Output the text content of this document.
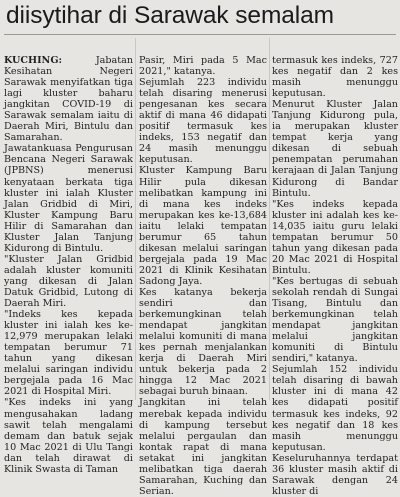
diisytihar di Sarawak semalam

KUCHING:	Jabatan Kesihatan Negeri Sarawak menyifatkan tiga lagi kluster baharu jangkitan COVID-19 di Sarawak semalam iaitu di Daerah Miri, Bintulu dan Samarahan.

Jawatankuasa Pengurusan Bencana Negeri Sarawak (JPBNS) menerusi kenyataan berkata tiga kluster ini ialah Kluster Jalan Gridbid di Miri, Kluster Kampung Baru Hilir di Samarahan dan Kluster Jalan Tanjung Kidurong di Bintulu.

"Kluster Jalan Gridbid adalah kluster komuniti yang dikesan di Jalan Datuk Gridbid, Lutong di Daerah Miri.

"Indeks kes kepada kluster ini ialah kes ke-12,979 merupakan lelaki tempatan berumur 71 tahun yang dikesan melalui saringan individu bergejala pada 16 Mac 2021 di Hospital Miri.

"Kes indeks ini yang mengusahakan ladang sawit telah mengalami demam dan batuk sejak 10 Mac 2021 di Ulu Tangi dan telah dirawat di Klinik Swasta di Taman

Pasir, Miri pada 5 Mac 2021," katanya.

Sejumlah 223 individu telah disaring menerusi pengesanan kes secara aktif di mana 46 didapati positif termasuk kes indeks, 153 negatif dan 24 masih menunggu keputusan.

Kluster Kampung Baru Hilir pula dikesan melibatkan kampung ini di mana kes indeks merupakan kes ke-13,684 iaitu lelaki tempatan berumur 65 tahun dikesan melalui saringan bergejala pada 19 Mac 2021 di Klinik Kesihatan Sadong Jaya.

Kes katanya bekerja sendiri dan berkemungkinan telah mendapat jangkitan melalui komuniti di mana kes pernah menjalankan kerja di Daerah Miri untuk bekerja pada 2 hingga 12 Mac 2021 sebagai buruh binaan.

Jangkitan ini telah merebak kepada individu di kampung tersebut melalui pergaulan dan kontak rapat di mana setakat ini jangkitan melibatkan tiga daerah Samarahan, Kuching dan Serian.

termasuk kes indeks, 727 kes negatif dan 2 kes masih menunggu keputusan.

Menurut Kluster Jalan Tanjung Kidurong pula, ia merupakan kluster tempat kerja yang dikesan di sebuah penempatan perumahan kerajaan di Jalan Tanjung Kidurong di Bandar Bintulu.

"Kes indeks kepada kluster ini adalah kes ke-14,035 iaitu guru lelaki tempatan berumur 50 tahun yang dikesan pada 20 Mac 2021 di Hospital Bintulu.

"Kes bertugas di sebuah sekolah rendah di Sungai Tisang, Bintulu dan berkemungkinan telah mendapat jangkitan melalui jangkitan komuniti di Bintulu sendiri," katanya.

Sejumlah 152 individu telah disaring di bawah kluster ini di mana 42 kes didapati positif termasuk kes indeks, 92 kes negatif dan 18 kes masih menunggu keputusan.

Keseluruhannya terdapat 36 kluster masih aktif di Sarawak dengan 24 kluster di
